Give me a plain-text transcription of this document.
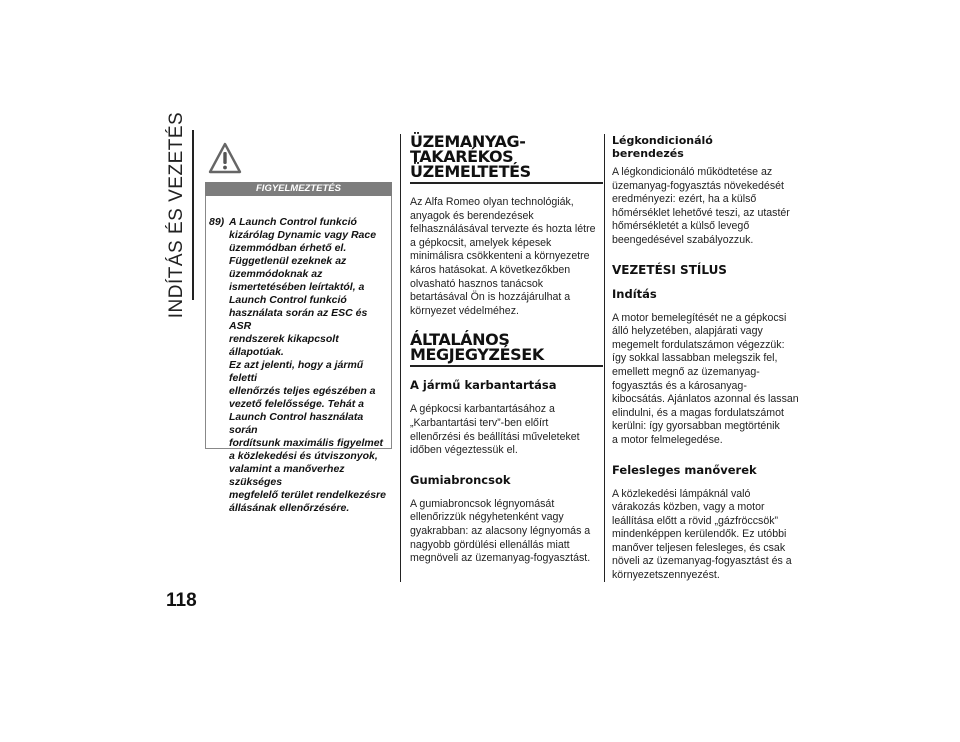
INDÍTÁS ÉS VEZETÉS
118
FIGYELMEZTETÉS
89) A Launch Control funkció
kizárólag Dynamic vagy Race
üzemmódban érhető el.
Függetlenül ezeknek az
üzemmódoknak az
ismertetésében leírtaktól, a
Launch Control funkció
használata során az ESC és ASR
rendszerek kikapcsolt állapotúak.
Ez azt jelenti, hogy a jármű feletti
ellenőrzés teljes egészében a
vezető felelőssége. Tehát a
Launch Control használata során
fordítsunk maximális figyelmet
a közlekedési és útviszonyok,
valamint a manőverhez szükséges
megfelelő terület rendelkezésre
állásának ellenőrzésére.
ÜZEMANYAG-TAKARÉKOS
ÜZEMELTETÉS
Az Alfa Romeo olyan technológiák,
anyagok és berendezések
felhasználásával tervezte és hozta létre
a gépkocsit, amelyek képesek
minimálisra csökkenteni a környezetre
káros hatásokat. A következőkben
olvasható hasznos tanácsok
betartásával Ön is hozzájárulhat a
környezet védelméhez.
ÁLTALÁNOS
MEGJEGYZÉSEK
A jármű karbantartása
A gépkocsi karbantartásához a
„Karbantartási terv”-ben előírt
ellenőrzési és beállítási műveleteket
időben végeztessük el.
Gumiabroncsok
A gumiabroncsok légnyomását
ellenőrizzük négyhetenként vagy
gyakrabban: az alacsony légnyomás a
nagyobb gördülési ellenállás miatt
megnöveli az üzemanyag-fogyasztást.
Légkondicionáló
berendezés
A légkondicionáló működtetése az
üzemanyag-fogyasztás növekedését
eredményezi: ezért, ha a külső
hőmérséklet lehetővé teszi, az utastér
hőmérsékletét a külső levegő
beengedésével szabályozzuk.
VEZETÉSI STÍLUS
Indítás
A motor bemelegítését ne a gépkocsi
álló helyzetében, alapjárati vagy
megemelt fordulatszámon végezzük:
így sokkal lassabban melegszik fel,
emellett megnő az üzemanyag-
fogyasztás és a károsanyag-
kibocsátás. Ajánlatos azonnal és lassan
elindulni, és a magas fordulatszámot
kerülni: így gyorsabban megtörténik
a motor felmelegedése.
Felesleges manőverek
A közlekedési lámpáknál való
várakozás közben, vagy a motor
leállítása előtt a rövid „gázfröccsök”
mindenképpen kerülendők. Ez utóbbi
manőver teljesen felesleges, és csak
növeli az üzemanyag-fogyasztást és a
környezetszennyezést.
